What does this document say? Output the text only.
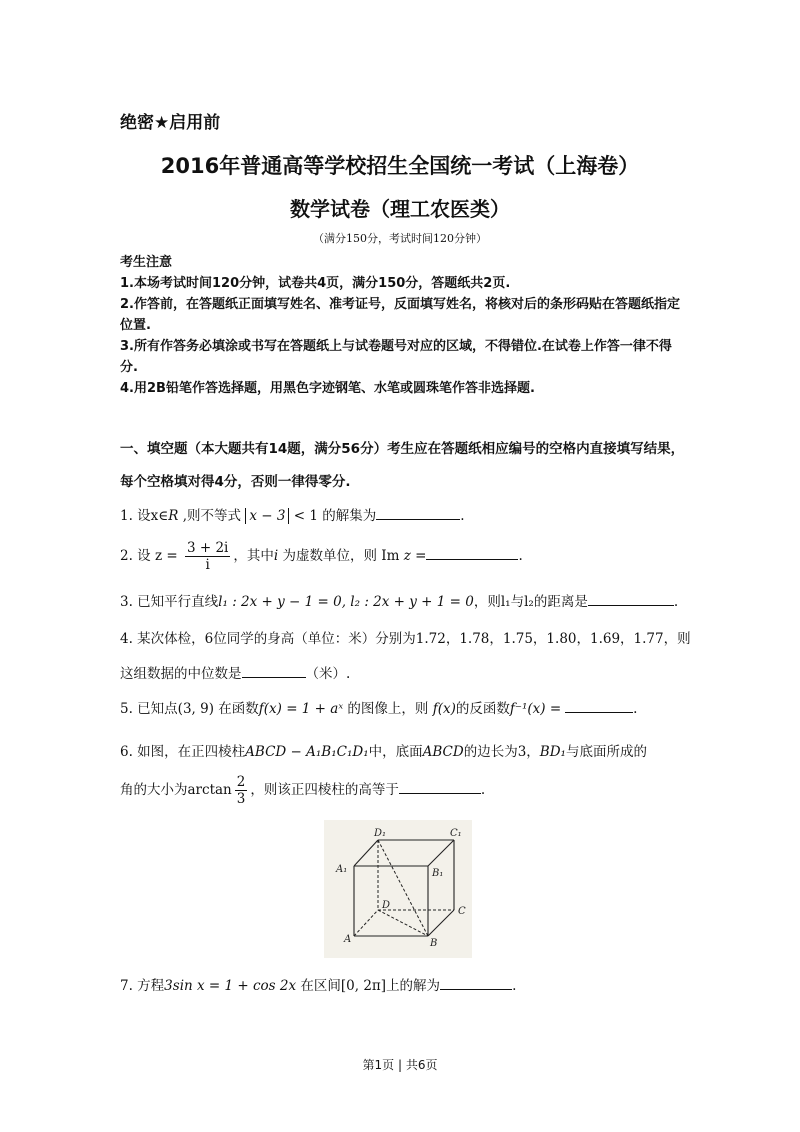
绝密★启用前
2016年普通高等学校招生全国统一考试（上海卷）
数学试卷（理工农医类）
（满分150分，考试时间120分钟）
考生注意
1.本场考试时间120分钟，试卷共4页，满分150分，答题纸共2页.
2.作答前，在答题纸正面填写姓名、准考证号，反面填写姓名，将核对后的条形码贴在答题纸指定位置.
3.所有作答务必填涂或书写在答题纸上与试卷题号对应的区域，不得错位.在试卷上作答一律不得分.
4.用2B铅笔作答选择题，用黑色字迹钢笔、水笔或圆珠笔作答非选择题.
一、填空题（本大题共有14题，满分56分）考生应在答题纸相应编号的空格内直接填写结果，每个空格填对得4分，否则一律得零分.
1. 设x∈R ,则不等式 x − 3 < 1 的解集为	.
2. 设 $z = \frac{3 + 2i}{i}$ ，其中i 为虚数单位，则 Im z =	.
3. 已知平行直线l₁ : 2x + y − 1 = 0, l₂ : 2x + y + 1 = 0，则l₁与l₂的距离是	.
4. 某次体检，6位同学的身高（单位：米）分别为1.72，1.78，1.75，1.80，1.69，1.77，则
这组数据的中位数是	（米）.
5. 已知点(3, 9) 在函数f(x) = 1 + aˣ 的图像上，则 f(x)的反函数f⁻¹(x) =	.
6. 如图，在正四棱柱ABCD − A₁B₁C₁D₁中，底面ABCD的边长为3，BD₁与底面所成的
角的大小为$\arctan \frac{2}{3}$ ，则该正四棱柱的高等于	.
D₁	C₁
A₁	B₁
D
C
A	B
7. 方程3sin x = 1 + cos 2x 在区间[0, 2π]上的解为	.
第1页 | 共6页
